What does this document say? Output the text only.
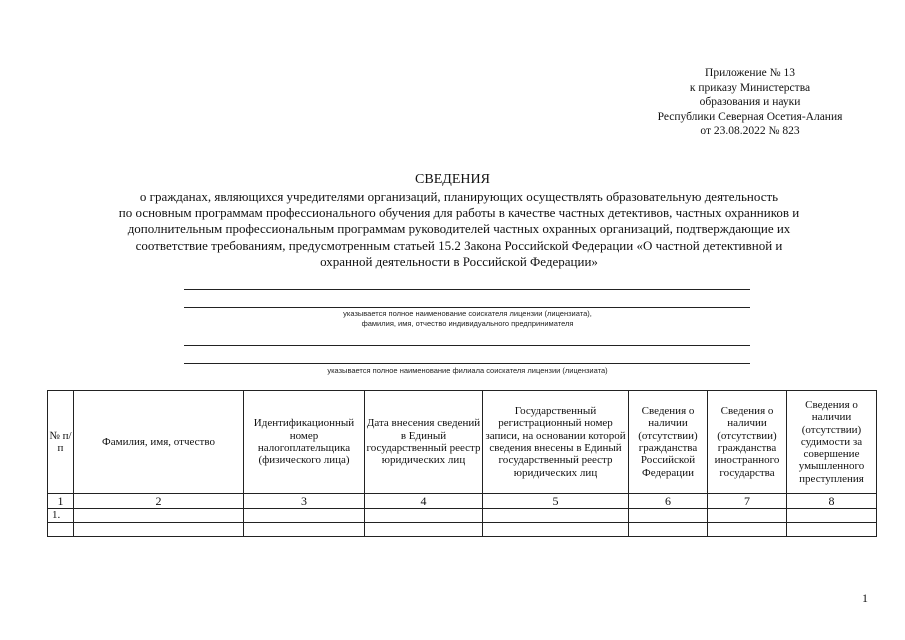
Приложение № 13
к приказу Министерства
образования и науки
Республики Северная Осетия-Алания
от 23.08.2022 № 823
СВЕДЕНИЯ
о гражданах, являющихся учредителями организаций, планирующих осуществлять образовательную деятельность
по основным программам профессионального обучения для работы в качестве частных детективов, частных охранников и
дополнительным профессиональным программам руководителей частных охранных организаций, подтверждающие их
соответствие требованиям, предусмотренным статьей 15.2 Закона Российской Федерации «О частной детективной и
охранной деятельности в Российской Федерации»
указывается полное наименование соискателя лицензии (лицензиата),
фамилия, имя, отчество индивидуального предпринимателя
указывается полное наименование филиала соискателя лицензии (лицензиата)
№ п/п	Фамилия, имя, отчество	Идентификационный номер налогоплательщика (физического лица)	Дата внесения сведений в Единый государственный реестр юридических лиц	Государственный регистрационный номер записи, на основании которой сведения внесены в Единый государственный реестр юридических лиц	Сведения о наличии (отсутствии) гражданства Российской Федерации	Сведения о наличии (отсутствии) гражданства иностранного государства	Сведения о наличии (отсутствии) судимости за совершение умышленного преступления
1	2	3	4	5	6	7	8
1.							

1
